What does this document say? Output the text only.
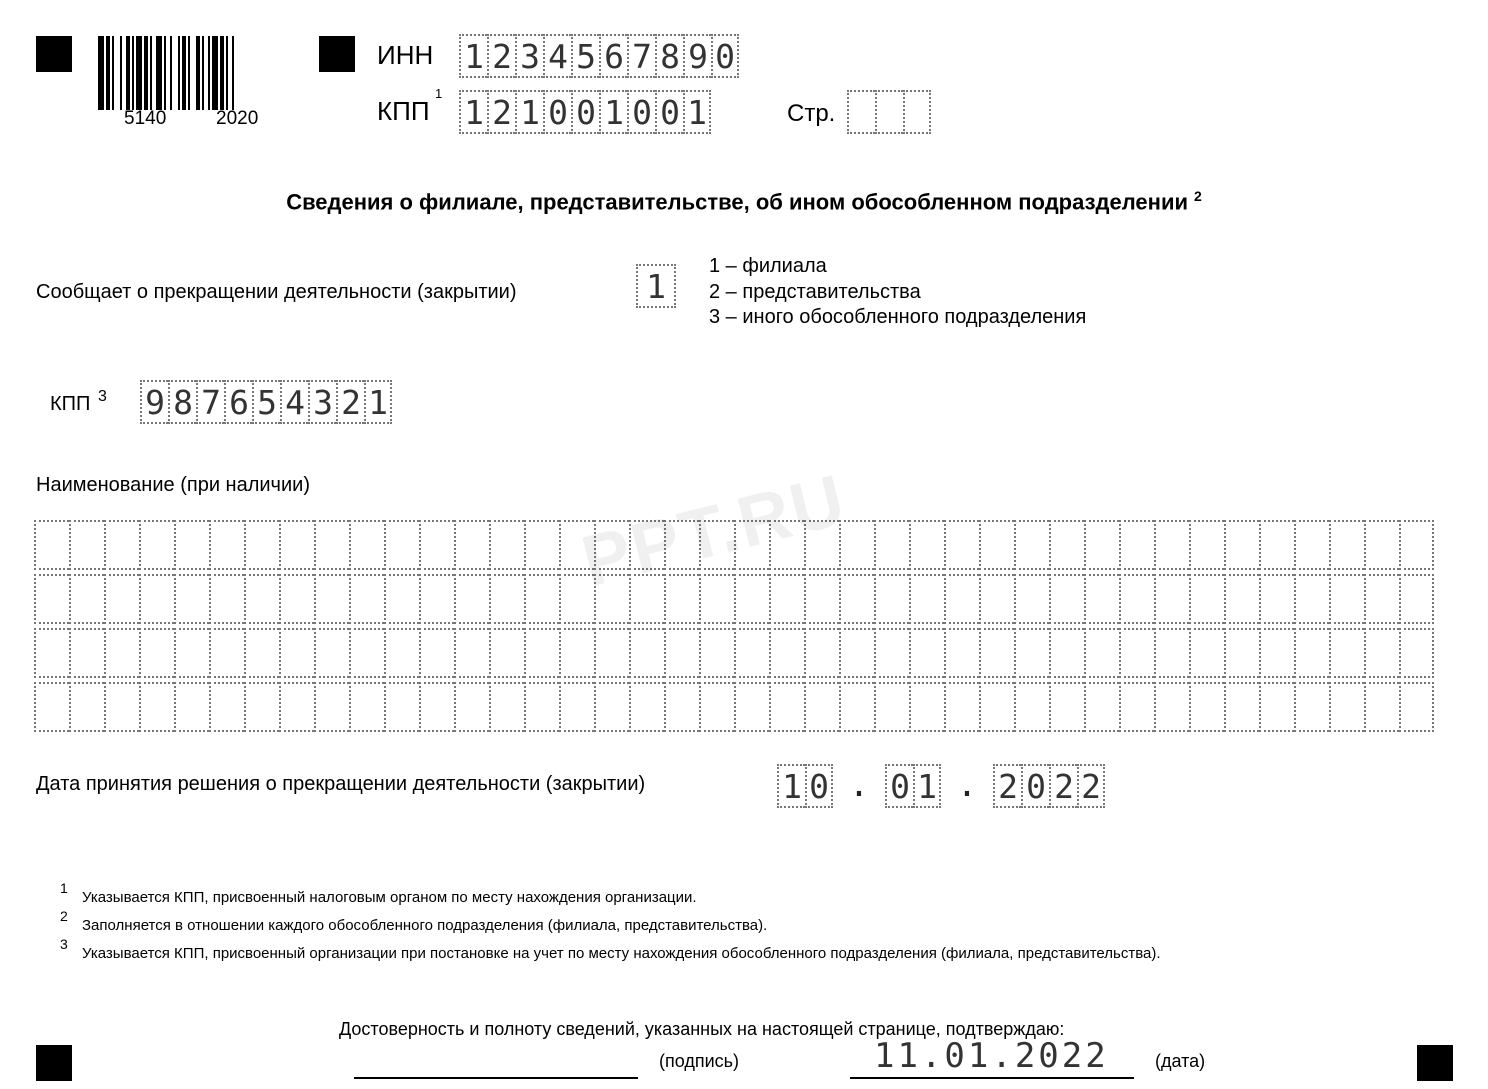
5140	2020
ИНН 1 2 3 4 5 6 7 8 9 0
КПП
1 1 2 1 0 0 1 0 0 1	Стр.
Сведения о филиале, представительстве, об ином обособленном подразделении $^2$
Сообщает о прекращении деятельности (закрытии)	1
1 – филиала
2 – представительства
3 – иного обособленного подразделения
КПП 3 9 8 7 6 5 4 3 2 1
Наименование (при наличии)
Дата принятия решения о прекращении деятельности (закрытии)	1 0 . 0 1 . 2 0 2 2
1
Указывается КПП, присвоенный налоговым органом по месту нахождения организации.
2
Заполняется в отношении каждого обособленного подразделения (филиала, представительства).
3
Указывается КПП, присвоенный организации при постановке на учет по месту нахождения обособленного подразделения (филиала, представительства).
Достоверность и полноту сведений, указанных на настоящей странице, подтверждаю:
(подпись)	11.01.2022	(дата)
PPT.RU
